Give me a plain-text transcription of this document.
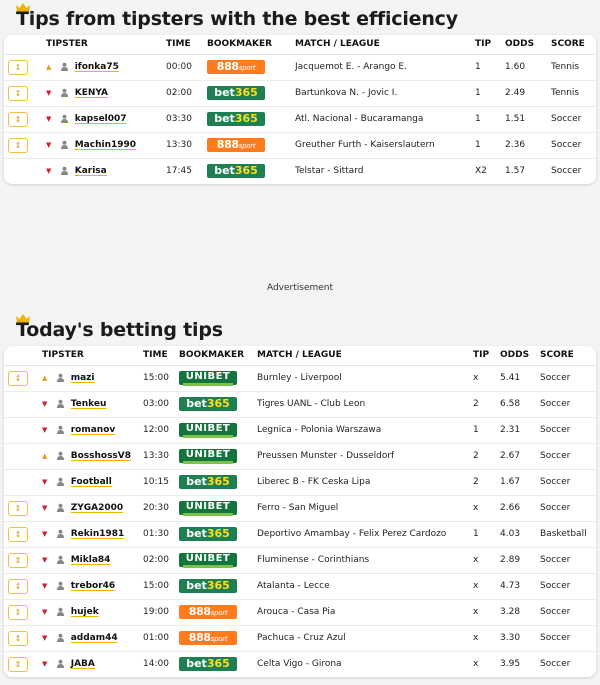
Tips from tipsters with the best efficiency
	TIPSTER	TIME	BOOKMAKER	MATCH / LEAGUE	TIP	ODDS	SCORE
⇕	▲ ifonka75	00:00	888sport	Jacquemot E. - Arango E.	1	1.60	Tennis
⇕	▼ KENYA	02:00	bet365	Bartunkova N. - Jovic I.	1	2.49	Tennis
⇕	▼ kapsel007	03:30	bet365	Atl. Nacional - Bucaramanga	1	1.51	Soccer
⇕	▼ Machin1990	13:30	888sport	Greuther Furth - Kaiserslautern	1	2.36	Soccer
	▼ Karisa	17:45	bet365	Telstar - Sittard	X2	1.57	Soccer
Advertisement
Today's betting tips
	TIPSTER	TIME	BOOKMAKER	MATCH / LEAGUE	TIP	ODDS	SCORE
⇕	▲ mazi	15:00	UNIBET	Burnley - Liverpool	x	5.41	Soccer
	▼ Tenkeu	03:00	bet365	Tigres UANL - Club Leon	2	6.58	Soccer
	▼ romanov	12:00	UNIBET	Legnica - Polonia Warszawa	1	2.31	Soccer
	▲ BosshossV8	13:30	UNIBET	Preussen Munster - Dusseldorf	2	2.67	Soccer
	▼ Football	10:15	bet365	Liberec B - FK Ceska Lipa	2	1.67	Soccer
⇕	▼ ZYGA2000	20:30	UNIBET	Ferro - San Miguel	x	2.66	Soccer
⇕	▼ Rekin1981	01:30	bet365	Deportivo Amambay - Felix Perez Cardozo	1	4.03	Basketball
⇕	▼ Mikla84	02:00	UNIBET	Fluminense - Corinthians	x	2.89	Soccer
⇕	▼ trebor46	15:00	bet365	Atalanta - Lecce	x	4.73	Soccer
⇕	▼ hujek	19:00	888sport	Arouca - Casa Pia	x	3.28	Soccer
⇕	▼ addam44	01:00	888sport	Pachuca - Cruz Azul	x	3.30	Soccer
⇕	▼ JABA	14:00	bet365	Celta Vigo - Girona	x	3.95	Soccer
